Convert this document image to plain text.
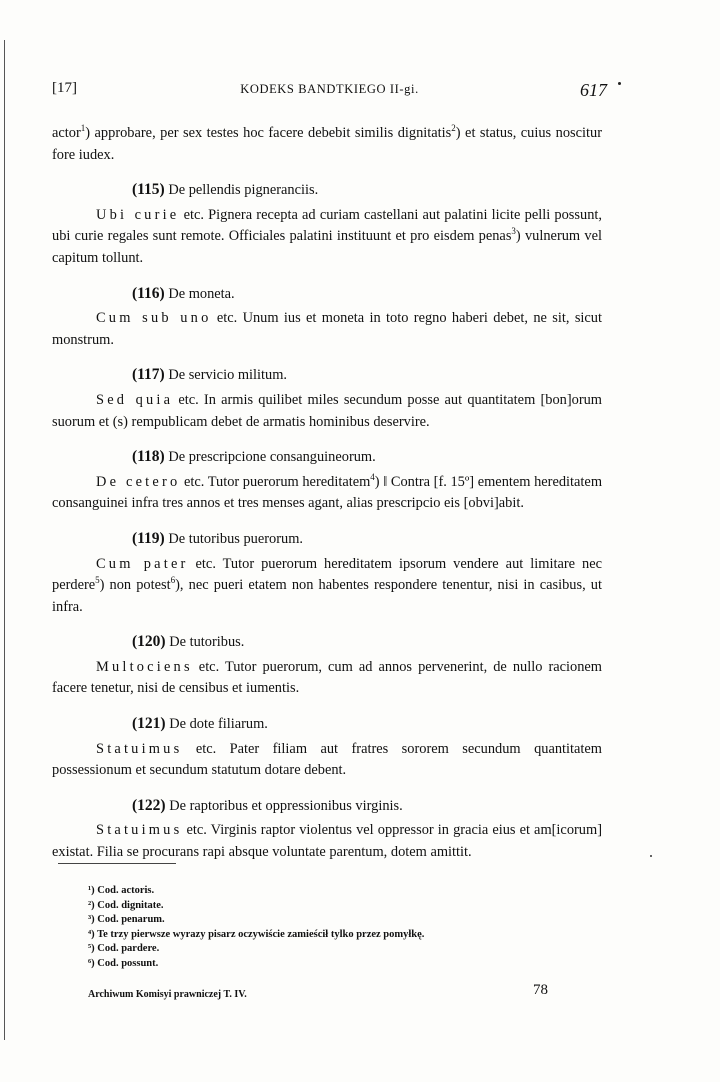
[17]	KODEKS BANDTKIEGO II-gi.	617

actor$^1$) approbare, per sex testes hoc facere debebit similis dignitatis$^2$) et status, cuius noscitur fore iudex.

(115) De pellendis pigneranciis.

Ubi curie etc. Pignera recepta ad curiam castellani aut palatini licite pelli possunt, ubi curie regales sunt remote. Officiales palatini instituunt et pro eisdem penas$^3$) vulnerum vel capitum tollunt.

(116) De moneta.

Cum sub uno etc. Unum ius et moneta in toto regno haberi debet, ne sit, sicut monstrum.

(117) De servicio militum.

Sed quia etc. In armis quilibet miles secundum posse aut quantitatem [bon]orum suorum et (s) rempublicam debet de armatis hominibus deservire.

(118) De prescripcione consanguineorum.

De cetero etc. Tutor puerorum hereditatem$^4$) ‖ Contra [f. 15º] ementem hereditatem consanguinei infra tres annos et tres menses agant, alias prescripcio eis [obvi]abit.

(119) De tutoribus puerorum.

Cum pater etc. Tutor puerorum hereditatem ipsorum vendere aut limitare nec perdere$^5$) non potest$^6$), nec pueri etatem non habentes respondere tenentur, nisi in casibus, ut infra.

(120) De tutoribus.

Multociens etc. Tutor puerorum, cum ad annos pervenerint, de nullo racionem facere tenetur, nisi de censibus et iumentis.

(121) De dote filiarum.

Statuimus etc. Pater filiam aut fratres sororem secundum quantitatem possessionum et secundum statutum dotare debent.

(122) De raptoribus et oppressionibus virginis.

Statuimus etc. Virginis raptor violentus vel oppressor in gracia eius et am[icorum] existat. Filia se procurans rapi absque voluntate parentum, dotem amittit.

¹) Cod. actoris.
²) Cod. dignitate.
³) Cod. penarum.
⁴) Te trzy pierwsze wyrazy pisarz oczywiście zamieścił tylko przez pomyłkę.
⁵) Cod. pardere.
⁶) Cod. possunt.
Archiwum Komisyi prawniczej T. IV.	78
